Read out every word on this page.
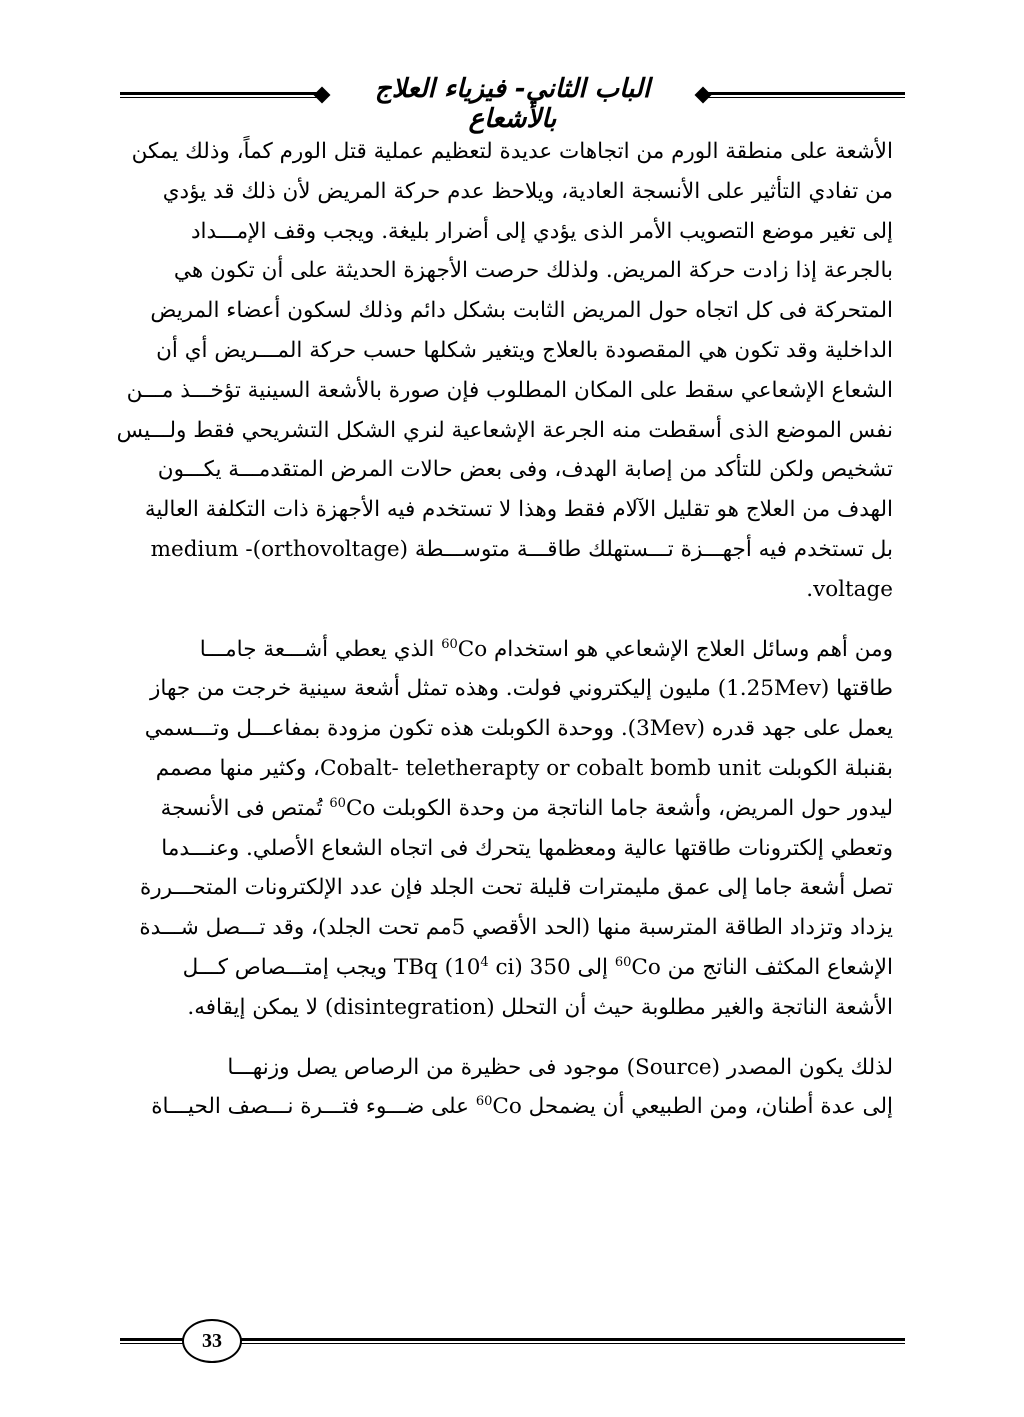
الباب الثاني- فيزياء العلاج بالأشعاع

الأشعة على منطقة الورم من اتجاهات عديدة لتعظيم عملية قتل الورم كماً، وذلك يمكن
من تفادي التأثير على الأنسجة العادية، ويلاحظ عدم حركة المريض لأن ذلك قد يؤدي
إلى تغير موضع التصويب الأمر الذى يؤدي إلى أضرار بليغة. ويجب وقف الإمـــداد
بالجرعة إذا زادت حركة المريض. ولذلك حرصت الأجهزة الحديثة على أن تكون هي
المتحركة فى كل اتجاه حول المريض الثابت بشكل دائم وذلك لسكون أعضاء المريض
الداخلية وقد تكون هي المقصودة بالعلاج ويتغير شكلها حسب حركة المـــريض أي أن
الشعاع الإشعاعي سقط على المكان المطلوب فإن صورة بالأشعة السينية تؤخـــذ مـــن
نفس الموضع الذى أسقطت منه الجرعة الإشعاعية لنري الشكل التشريحي فقط ولـــيس
تشخيص ولكن للتأكد من إصابة الهدف، وفى بعض حالات المرض المتقدمـــة يكـــون
الهدف من العلاج هو تقليل الآلام فقط وهذا لا تستخدم فيه الأجهزة ذات التكلفة العالية
بل تستخدم فيه أجهـــزة تـــستهلك طاقـــة متوســـطة (orthovoltage)- medium
voltage.

ومن أهم وسائل العلاج الإشعاعي هو استخدام $^{60}$Co الذي يعطي أشـــعة جامـــا
طاقتها (1.25Mev) مليون إليكتروني فولت. وهذه تمثل أشعة سينية خرجت من جهاز
يعمل على جهد قدره (3Mev). ووحدة الكوبلت هذه تكون مزودة بمفاعـــل وتـــسمي
بقنبلة الكوبلت Cobalt- teletherapty or cobalt bomb unit، وكثير منها مصمم
ليدور حول المريض، وأشعة جاما الناتجة من وحدة الكوبلت $^{60}$Co تُمتص فى الأنسجة
وتعطي إلكترونات طاقتها عالية ومعظمها يتحرك فى اتجاه الشعاع الأصلي. وعنـــدما
تصل أشعة جاما إلى عمق مليمترات قليلة تحت الجلد فإن عدد الإلكترونات المتحـــررة
يزداد وتزداد الطاقة المترسبة منها (الحد الأقصي 5مم تحت الجلد)، وقد تـــصل شـــدة
الإشعاع المكثف الناتج من $^{60}$Co إلى 350 TBq ($10^4$ ci) ويجب إمتـــصاص كـــل
الأشعة الناتجة والغير مطلوبة حيث أن التحلل (disintegration) لا يمكن إيقافه.

لذلك يكون المصدر (Source) موجود فى حظيرة من الرصاص يصل وزنهـــا
إلى عدة أطنان، ومن الطبيعي أن يضمحل $^{60}$Co على ضـــوء فتـــرة نـــصف الحيـــاة

33
